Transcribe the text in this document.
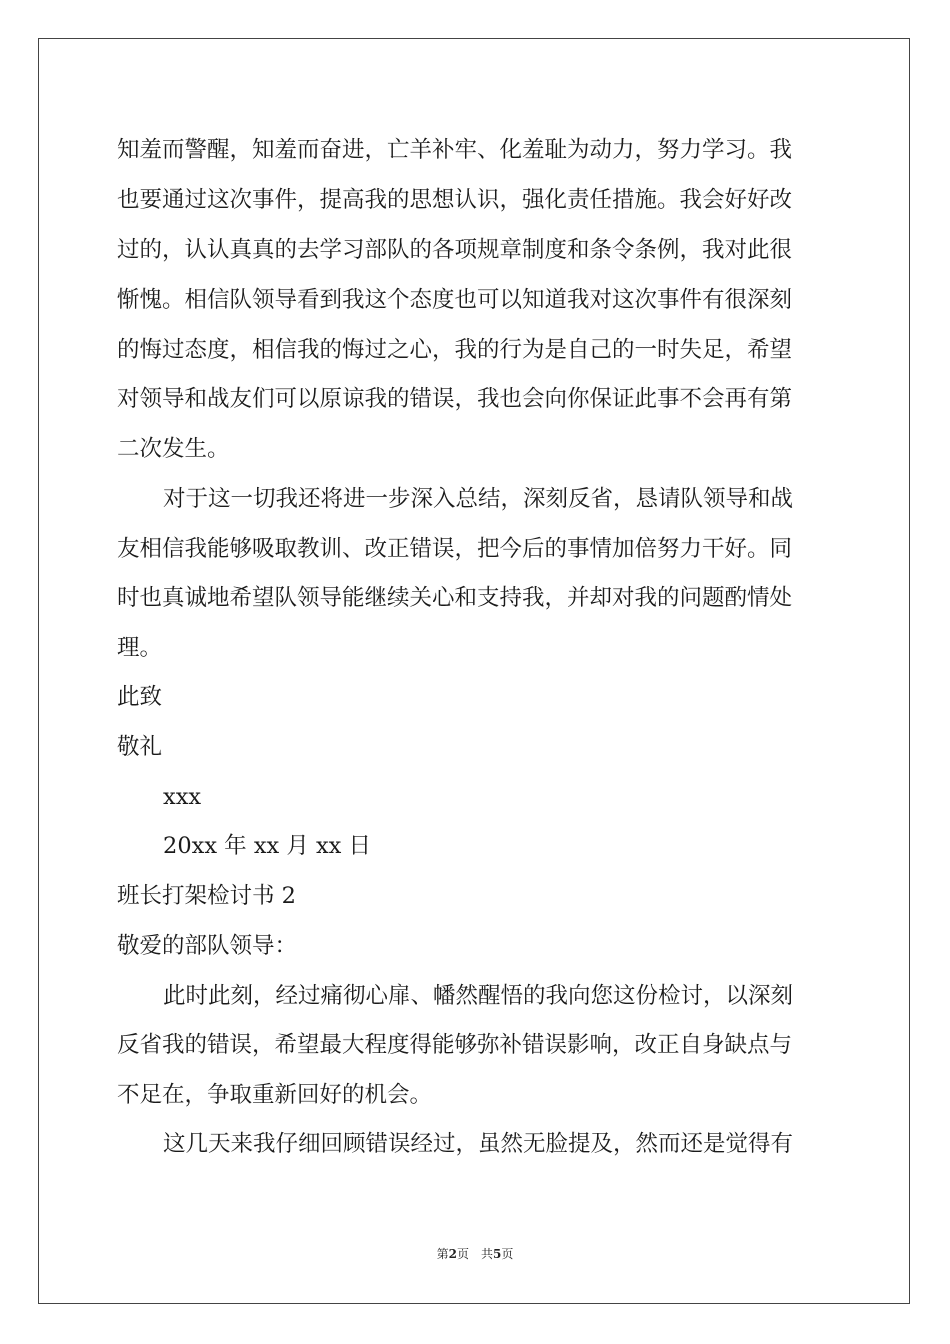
知羞而警醒，知羞而奋进，亡羊补牢、化羞耻为动力，努力学习。我
也要通过这次事件，提高我的思想认识，强化责任措施。我会好好改
过的，认认真真的去学习部队的各项规章制度和条令条例，我对此很
惭愧。相信队领导看到我这个态度也可以知道我对这次事件有很深刻
的悔过态度，相信我的悔过之心，我的行为是自己的一时失足，希望
对领导和战友们可以原谅我的错误，我也会向你保证此事不会再有第
二次发生。
对于这一切我还将进一步深入总结，深刻反省，恳请队领导和战
友相信我能够吸取教训、改正错误，把今后的事情加倍努力干好。同
时也真诚地希望队领导能继续关心和支持我，并却对我的问题酌情处
理。
此致
敬礼
xxx
20xx 年 xx 月 xx 日
班长打架检讨书 2
敬爱的部队领导：
此时此刻，经过痛彻心扉、幡然醒悟的我向您这份检讨，以深刻
反省我的错误，希望最大程度得能够弥补错误影响，改正自身缺点与
不足在，争取重新回好的机会。
这几天来我仔细回顾错误经过，虽然无脸提及，然而还是觉得有
第2页　共5页
